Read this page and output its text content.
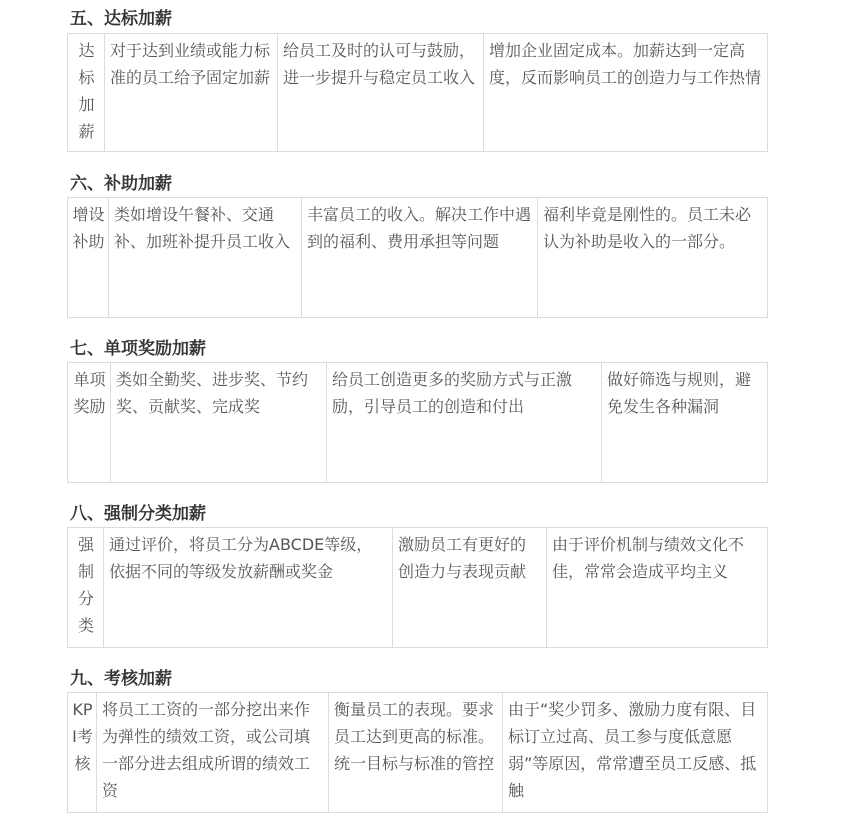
五、达标加薪
达标加薪	对于达到业绩或能力标准的员工给予固定加薪	给员工及时的认可与鼓励，进一步提升与稳定员工收入	增加企业固定成本。加薪达到一定高度，反而影响员工的创造力与工作热情
六、补助加薪
增设补助	类如增设午餐补、交通补、加班补提升员工收入	丰富员工的收入。解决工作中遇到的福利、费用承担等问题	福利毕竟是刚性的。员工未必认为补助是收入的一部分。
七、单项奖励加薪
单项奖励	类如全勤奖、进步奖、节约奖、贡献奖、完成奖	给员工创造更多的奖励方式与正激励，引导员工的创造和付出	做好筛选与规则，避免发生各种漏洞
八、强制分类加薪
强制分类	通过评价，将员工分为ABCDE等级，依据不同的等级发放薪酬或奖金	激励员工有更好的创造力与表现贡献	由于评价机制与绩效文化不佳，常常会造成平均主义
九、考核加薪
KPI考核	将员工工资的一部分挖出来作为弹性的绩效工资，或公司填一部分进去组成所谓的绩效工资	衡量员工的表现。要求员工达到更高的标准。统一目标与标准的管控	由于“奖少罚多、激励力度有限、目标订立过高、员工参与度低意愿弱”等原因，常常遭至员工反感、抵触
